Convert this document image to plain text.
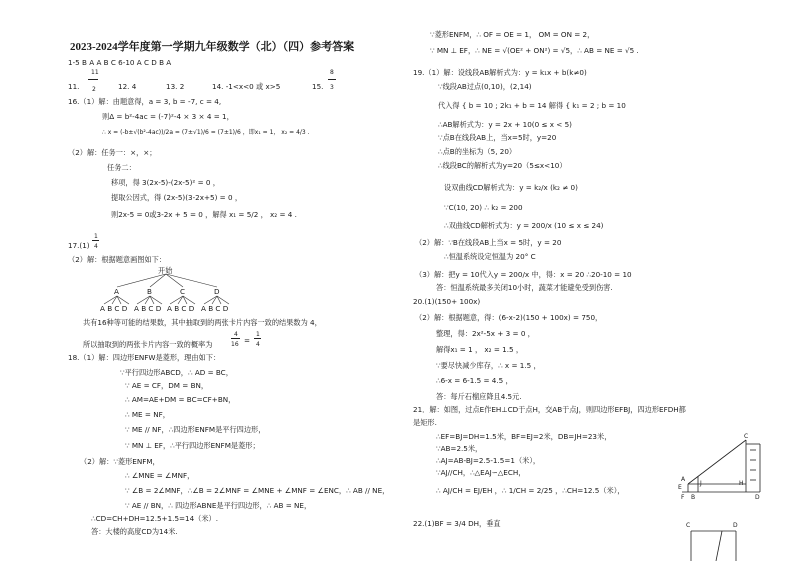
2023-2024学年度第一学期九年级数学（北）（四）参考答案
1-5 B A A B C 6-10 A C D B A
11.
11
2	12. 4	13. 2	14. -1<x<0 或 x>5	15.
8
3
16.（1）解：由题意得，a = 3, b = -7, c = 4,
则Δ = b²-4ac = (-7)²-4 × 3 × 4 = 1，
∴ x = (-b±√(b²-4ac))/2a = (7±√1)/6 = (7±1)/6 ，即x₁ = 1， x₂ = 4/3 .
（2）解：任务一：×，×；
任务二：
移项，得 3(2x-5)-(2x-5)² = 0 ，
提取公因式，得 (2x-5)(3-2x+5) = 0 ，
则2x-5 = 0或3-2x + 5 = 0 ，解得 x₁ = 5/2 ， x₂ = 4 .
17.(1)
1
4
（2）解：根据题意画图如下：
开始
A	B	C	D
A B C D A B C D A B C D A B C D
共有16种等可能的结果数，其中抽取到的两张卡片内容一致的结果数为 4，
所以抽取到的两张卡片内容一致的概率为
4
16 =
1
4
18.（1）解：四边形ENFW是菱形，理由如下：
∵平行四边形ABCD，∴ AD = BC，
∵ AE = CF，DM = BN，
∴ AM=AE+DM = BC=CF+BN，
∴ ME = NF，
∵ ME // NF，∴四边形ENFM是平行四边形，
∵ MN ⊥ EF，∴平行四边形ENFM是菱形；
（2）解：∵菱形ENFM，
∴ ∠MNE = ∠MNF，
∵ ∠B = 2∠MNF，∴∠B = 2∠MNF = ∠MNE + ∠MNF = ∠ENC，∴ AB // NE，
∵ AE // BN，∴ 四边形ABNE是平行四边形，∴ AB = NE，
∴CD=CH+DH=12.5+1.5=14（米）.
答：大楼的高度CD为14米.
∵菱形ENFM，∴ OF = OE = 1， OM = ON = 2，
∵ MN ⊥ EF，∴ NE = √(OE² + ON²) = √5，∴ AB = NE = √5 .
19.（1）解：设线段AB解析式为：y = k₁x + b(k≠0)
∵线段AB过点(0,10)，(2,14)
代入得 { b = 10 ; 2k₁ + b = 14 解得 { k₁ = 2 ; b = 10
∴AB解析式为：y = 2x + 10(0 ≤ x < 5)
∵点B在线段AB上，当x=5时，y=20
∴点B的坐标为（5, 20）
∴线段BC的解析式为y=20（5≤x<10）
设双曲线CD解析式为：y = k₂/x (k₂ ≠ 0)
∵C(10, 20) ∴ k₂ = 200
∴双曲线CD解析式为：y = 200/x (10 ≤ x ≤ 24)
（2）解：∵B在线段AB上当x = 5时，y = 20
∴恒温系统设定恒温为 20° C
（3）解：把y = 10代入y = 200/x 中，得：x = 20 ∴20-10 = 10
答：恒温系统最多关闭10小时，蔬菜才能避免受到伤害.
20.(1)(150+ 100x)
（2）解：根据题意，得：(6-x-2)(150 + 100x) = 750，
整理，得：2x²-5x + 3 = 0 ，
解得x₁ = 1 ， x₂ = 1.5 ，
∵要尽快减少库存，∴ x = 1.5 ，
∴6-x = 6-1.5 = 4.5 ，
答：每斤石榴应降且4.5元.
21．解：如图，过点E作EH⊥CD于点H，交AB于点J，则四边形EFBJ，四边形EFDH都
是矩形.
∴EF=BJ=DH=1.5米，BF=EJ=2米，DB=JH=23米，
∵AB=2.5米，
∴AJ=AB-BJ=2.5-1.5=1（米），
∵AJ//CH，∴△EAJ∽△ECH，
∴ AJ/CH = EJ/EH ，∴ 1/CH = 2/25 ，∴CH=12.5（米），
22.(1)BF = 3/4 DH，垂直
C
A
E
J	H
F B	D
C	D
